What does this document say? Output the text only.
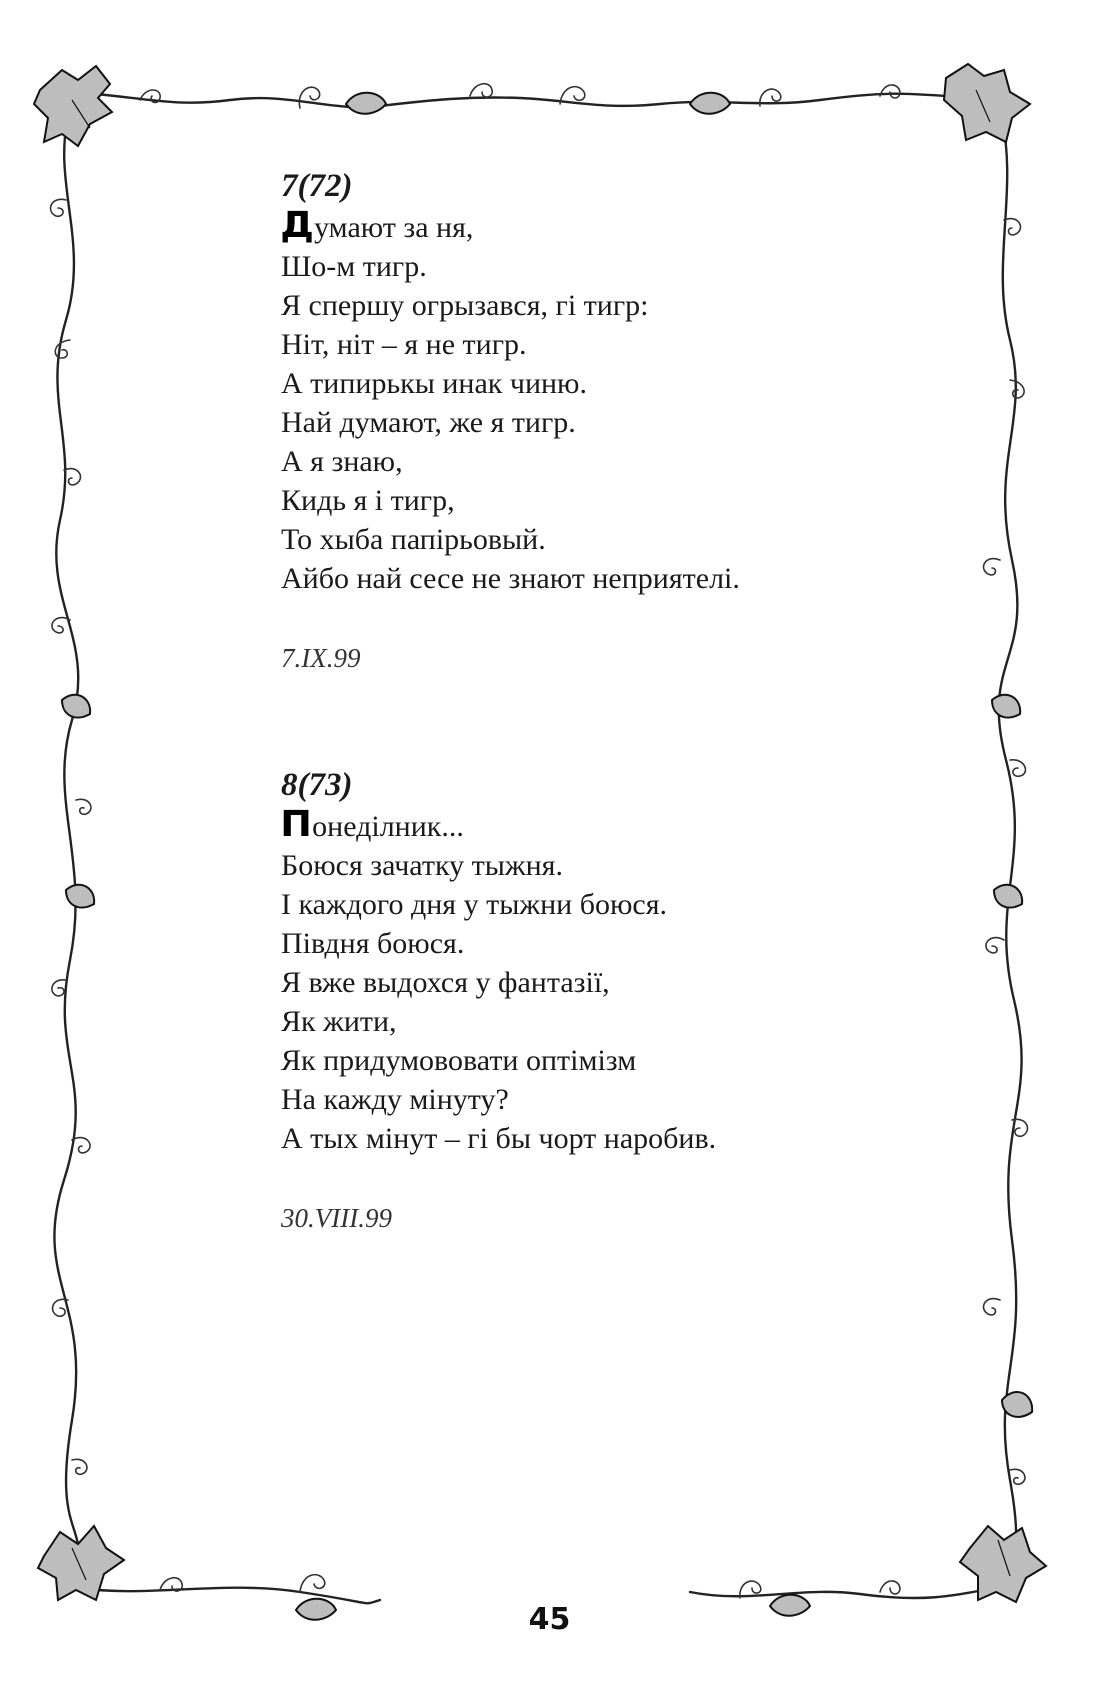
7(72)
Думают за ня,
Шо-м тигр.
Я спершу огрызався, гі тигр:
Ніт, ніт – я не тигр.
А типирькы инак чиню.
Най думают, же я тигр.
А я знаю,
Кидь я і тигр,
То хыба папірьовый.
Айбо най сесе не знают неприятелі.
7.IX.99
8(73)
Понеділник...
Боюся зачатку тыжня.
І каждого дня у тыжни боюся.
Півдня боюся.
Я вже выдохся у фантазії,
Як жити,
Як придумововати оптімізм
На кажду мінуту?
А тых мінут – гі бы чорт наробив.
30.VIII.99
45
